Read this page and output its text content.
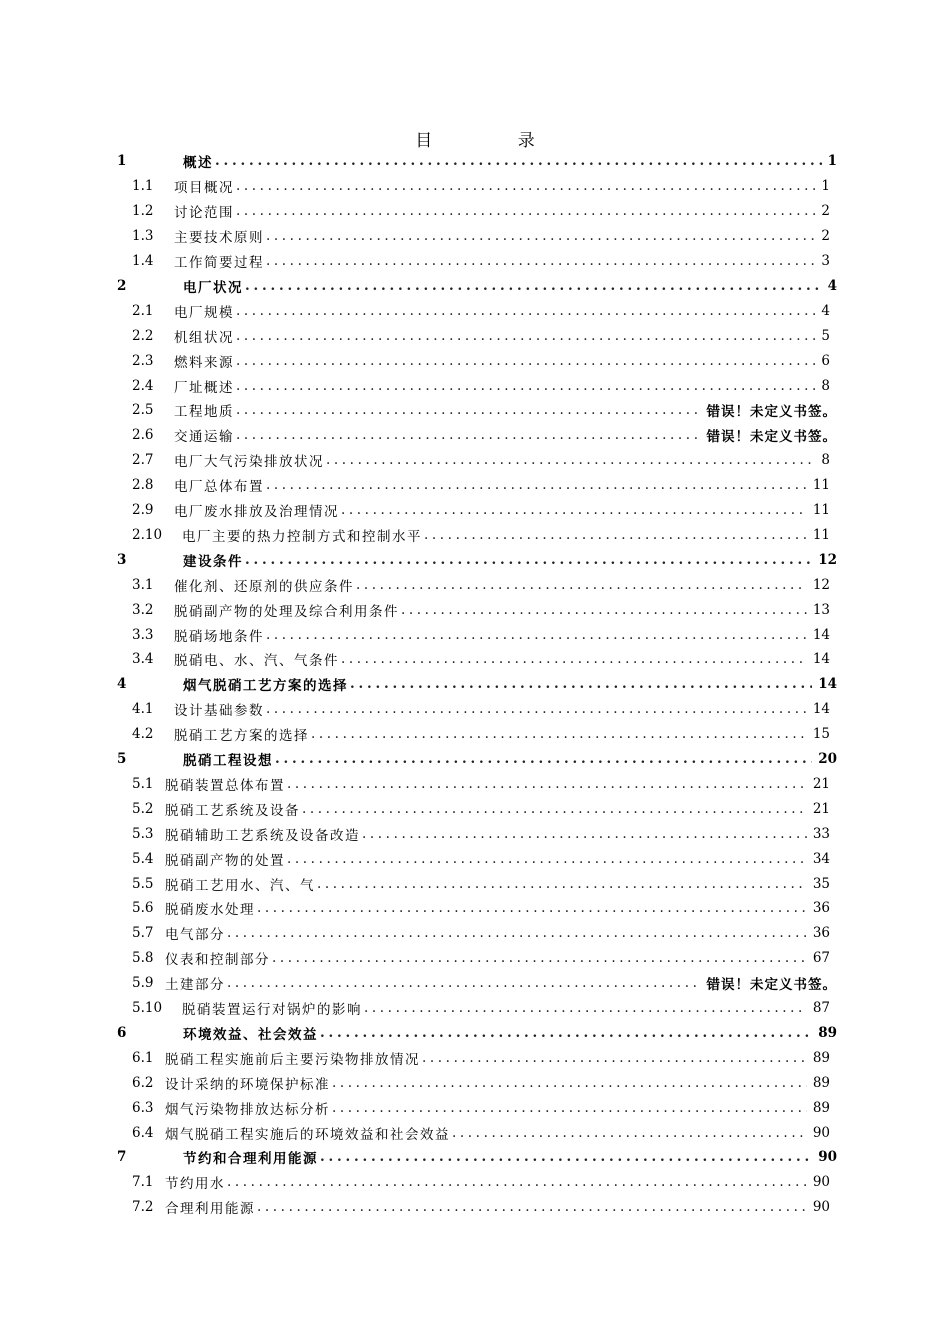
目 录
1	概述 .....	1
1.1	项目概况 .....	1
1.2	讨论范围 .....	2
1.3	主要技术原则 .....	2
1.4	工作简要过程 .....	3
2	电厂状况 .....	4
2.1	电厂规模 .....	4
2.2	机组状况 .....	5
2.3	燃料来源 .....	6
2.4	厂址概述 .....	8
2.5	工程地质 .....	错误！未定义书签。
2.6	交通运输 .....	错误！未定义书签。
2.7	电厂大气污染排放状况 .....	8
2.8	电厂总体布置 .....	11
2.9	电厂废水排放及治理情况 .....	11
2.10	电厂主要的热力控制方式和控制水平 .....	11
3	建设条件 .....	12
3.1	催化剂、还原剂的供应条件 .....	12
3.2	脱硝副产物的处理及综合利用条件 .....	13
3.3	脱硝场地条件 .....	14
3.4	脱硝电、水、汽、气条件 .....	14
4	烟气脱硝工艺方案的选择 .....	14
4.1	设计基础参数 .....	14
4.2	脱硝工艺方案的选择 .....	15
5	脱硝工程设想 .....	20
5.1 脱硝装置总体布置 .....	21
5.2 脱硝工艺系统及设备 .....	21
5.3 脱硝辅助工艺系统及设备改造 .....	33
5.4 脱硝副产物的处置 .....	34
5.5 脱硝工艺用水、汽、气 .....	35
5.6 脱硝废水处理 .....	36
5.7 电气部分 .....	36
5.8 仪表和控制部分 .....	67
5.9 土建部分 .....	错误！未定义书签。
5.10	脱硝装置运行对锅炉的影响 .....	87
6	环境效益、社会效益 .....	89
6.1 脱硝工程实施前后主要污染物排放情况 .....	89
6.2 设计采纳的环境保护标准 .....	89
6.3 烟气污染物排放达标分析 .....	89
6.4 烟气脱硝工程实施后的环境效益和社会效益 .....	90
7	节约和合理利用能源 .....	90
7.1 节约用水 .....	90
7.2 合理利用能源 .....	90
